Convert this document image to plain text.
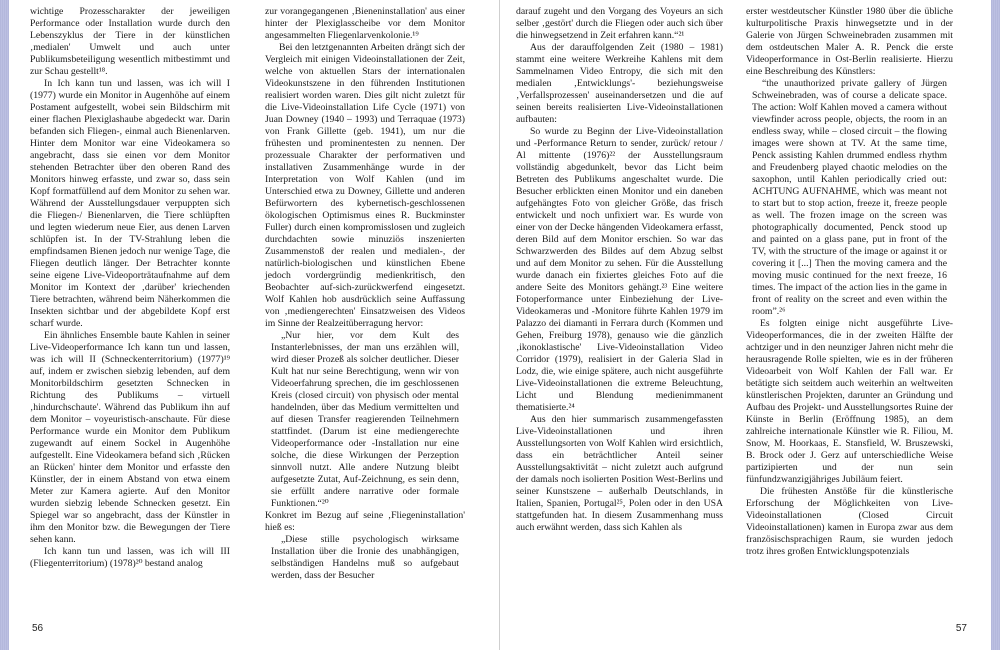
wichtige Prozesscharakter der jeweiligen Performance oder Installation wurde durch den Lebenszyklus der Tiere in der künstlichen ‚medialen' Umwelt und auch unter Publikumsbeteiligung wesentlich mitbestimmt und zur Schau gestellt¹⁸.

In Ich kann tun und lassen, was ich will I (1977) wurde ein Monitor in Augenhöhe auf einem Postament aufgestellt, wobei sein Bildschirm mit einer flachen Plexiglashaube abgedeckt war. Darin befanden sich Fliegen-, einmal auch Bienenlarven. Hinter dem Monitor war eine Videokamera so angebracht, dass sie einen vor dem Monitor stehenden Betrachter über den oberen Rand des Monitors hinweg erfasste, und zwar so, dass sein Kopf formatfüllend auf dem Monitor zu sehen war. Während der Ausstellungsdauer verpuppten sich die Fliegen-/ Bienenlarven, die Tiere schlüpften und legten wiederum neue Eier, aus denen Larven schlüpfen ist. In der TV-Strahlung leben die empfindsamen Bienen jedoch nur wenige Tage, die Fliegen deutlich länger. Der Betrachter konnte seine eigene Live-Videoporträtaufnahme auf dem Monitor im Kontext der ‚darüber' kriechenden Tiere betrachten, während beim Näherkommen die Insekten sichtbar und der abgebildete Kopf erst scharf wurde.

Ein ähnliches Ensemble baute Kahlen in seiner Live-Videoperformance Ich kann tun und lassen, was ich will II (Schneckenterritorium) (1977)¹⁹ auf, indem er zwischen siebzig lebenden, auf dem Monitorbildschirm gesetzten Schnecken in Richtung des Publikums – virtuell ‚hindurchschaute'. Während das Publikum ihn auf dem Monitor – voyeuristisch-anschaute. Für diese Performance wurde ein Monitor dem Publikum zugewandt auf einem Sockel in Augenhöhe aufgestellt. Eine Videokamera befand sich ‚Rücken an Rücken' hinter dem Monitor und erfasste den Künstler, der in einem Abstand von etwa einem Meter zur Kamera agierte. Auf den Monitor wurden siebzig lebende Schnecken gesetzt. Ein Spiegel war so angebracht, dass der Künstler in ihm den Monitor bzw. die Bewegungen der Tiere sehen kann.

Ich kann tun und lassen, was ich will III (Fliegenterritorium) (1978)²⁰ bestand analog

zur vorangegangenen ‚Bieneninstallation' aus einer hinter der Plexiglasscheibe vor dem Monitor angesammelten Fliegenlarvenkolonie.¹⁹

Bei den letztgenannten Arbeiten drängt sich der Vergleich mit einigen Videoinstallationen der Zeit, welche von aktuellen Stars der internationalen Videokunstszene in den führenden Institutionen realisiert worden waren. Dies gilt nicht zuletzt für die Live-Videoinstallation Life Cycle (1971) von Juan Downey (1940 – 1993) und Terraquae (1973) von Frank Gillette (geb. 1941), um nur die frühesten und prominentesten zu nennen. Der prozessuale Charakter der performativen und installativen Zusammenhänge wurde in der Interpretation von Wolf Kahlen (und im Unterschied etwa zu Downey, Gillette und anderen Befürwortern des kybernetisch-geschlossenen ökologischen Optimismus eines R. Buckminster Fuller) durch einen kompromisslosen und zugleich durchdachten sowie minuziös inszenierten Zusammenstoß der realen und medialen-, der natürlich-biologischen und künstlichen Ebene jedoch vordergründig medienkritisch, den Beobachter auf-sich-zurückwerfend eingesetzt. Wolf Kahlen hob ausdrücklich seine Auffassung von ‚mediengerechten' Einsatzweisen des Videos im Sinne der Realzeitüberragung hervor:

„Nur hier, vor dem Kult des Instanterlebnisses, der man uns erzählen will, wird dieser Prozeß als solcher deutlicher. Dieser Kult hat nur seine Berechtigung, wenn wir von Videoerfahrung sprechen, die im geschlossenen Kreis (closed circuit) von physisch oder mental handelnden, über das Medium vermittelten und auf diesen Transfer reagierenden Teilnehmern stattfindet. (Darum ist eine mediengerechte Videoperformance oder -Installation nur eine solche, die diese Wirkungen der Perzeption sinnvoll nutzt. Alle andere Nutzung bleibt aufgesetzte Zutat, Auf-Zeichnung, es sein denn, sie erfüllt andere narrative oder formale Funktionen.“²⁰

Konkret im Bezug auf seine ‚Fliegeninstallation' hieß es:

„Diese stille psychologisch wirksame Installation über die Ironie des unabhängigen, selbständigen Handelns muß so aufgebaut werden, dass der Besucher

56

darauf zugeht und den Vorgang des Voyeurs an sich selber ‚gestört' durch die Fliegen oder auch sich über die hinwegsetzend in Zeit erfahren kann.“²¹

Aus der darauffolgenden Zeit (1980 – 1981) stammt eine weitere Werkreihe Kahlens mit dem Sammelnamen Video Entropy, die sich mit den medialen ‚Entwicklungs'- beziehungsweise ‚Verfallsprozessen' auseinandersetzen und die auf seinen bereits realisierten Live-Videoinstallationen aufbauten:

So wurde zu Beginn der Live-Videoinstallation und -Performance Return to sender, zurück/ retour / Al mittente (1976)²² der Ausstellungsraum vollständig abgedunkelt, bevor das Licht beim Betreten des Publikums angeschaltet wurde. Die Besucher erblickten einen Monitor und ein daneben aufgehängtes Foto von gleicher Größe, das frisch entwickelt und noch unfixiert war. Es wurde von einer von der Decke hängenden Videokamera erfasst, deren Bild auf dem Monitor erschien. So war das Schwarzwerden des Bildes auf dem Abzug selbst und auf dem Monitor zu sehen. Für die Ausstellung wurde danach ein fixiertes gleiches Foto auf die andere Seite des Monitors gehängt.²³ Eine weitere Fotoperformance unter Einbeziehung der Live-Videokameras und -Monitore führte Kahlen 1979 im Palazzo dei diamanti in Ferrara durch (Kommen und Gehen, Freiburg 1978), genauso wie die gänzlich ‚ikonoklastische' Live-Videoinstallation Video Corridor (1979), realisiert in der Galeria Slad in Lodz, die, wie einige spätere, auch nicht ausgeführte Live-Videoinstallationen die extreme Beleuchtung, Licht und Blendung medienimmanent thematisierte.²⁴

Aus den hier summarisch zusammengefassten Live-Videoinstallationen und ihren Ausstellungsorten von Wolf Kahlen wird ersichtlich, dass ein beträchtlicher Anteil seiner Ausstellungsaktivität – nicht zuletzt auch aufgrund der damals noch isolierten Position West-Berlins und seiner Kunstszene – außerhalb Deutschlands, in Italien, Spanien, Portugal²⁵, Polen oder in den USA stattgefunden hat. In diesem Zusammenhang muss auch erwähnt werden, dass sich Kahlen als

erster westdeutscher Künstler 1980 über die übliche kulturpolitische Praxis hinwegsetzte und in der Galerie von Jürgen Schweinebraden zusammen mit dem ostdeutschen Maler A. R. Penck die erste Videoperformance in Ost-Berlin realisierte. Hierzu eine Beschreibung des Künstlers:

“the unauthorized private gallery of Jürgen Schweinebraden, was of course a delicate space. The action: Wolf Kahlen moved a camera without viewfinder across people, objects, the room in an endless sway, while – closed circuit – the flowing images were shown at TV. At the same time, Penck assisting Kahlen drummed endless rhythm and Freudenberg played chaotic melodies on the saxophon, until Kahlen periodically cried out: ACHTUNG AUFNAHME, which was meant not to start but to stop action, freeze it, freeze people as well. The frozen image on the screen was photographically documented, Penck stood up and painted on a glass pane, put in front of the TV, with the structure of the image or against it or covering it [...] Then the moving camera and the moving music continued for the next freeze, 16 times. The impact of the action lies in the game in front of reality on the screet and even within the room”.²⁶

Es folgten einige nicht ausgeführte Live-Videoperformances, die in der zweiten Hälfte der achtziger und in den neunziger Jahren nicht mehr die herausragende Rolle spielten, wie es in der früheren Videoarbeit von Wolf Kahlen der Fall war. Er betätigte sich seitdem auch weiterhin an weltweiten künstlerischen Projekten, darunter an Gründung und Aufbau des Projekt- und Ausstellungsortes Ruine der Künste in Berlin (Eröffnung 1985), an dem zahlreiche internationale Künstler wie R. Filiou, M. Snow, M. Hoorkaas, E. Stansfield, W. Bruszewski, B. Brock oder J. Gerz auf unterschiedliche Weise partizipierten und der nun sein fünfundzwanzigjähriges Jubiläum feiert.

Die frühesten Anstöße für die künstlerische Erforschung der Möglichkeiten von Live-Videoinstallationen (Closed Circuit Videoinstallationen) kamen in Europa zwar aus dem französischsprachigen Raum, sie wurden jedoch trotz ihres großen Entwicklungspotenzials

57
